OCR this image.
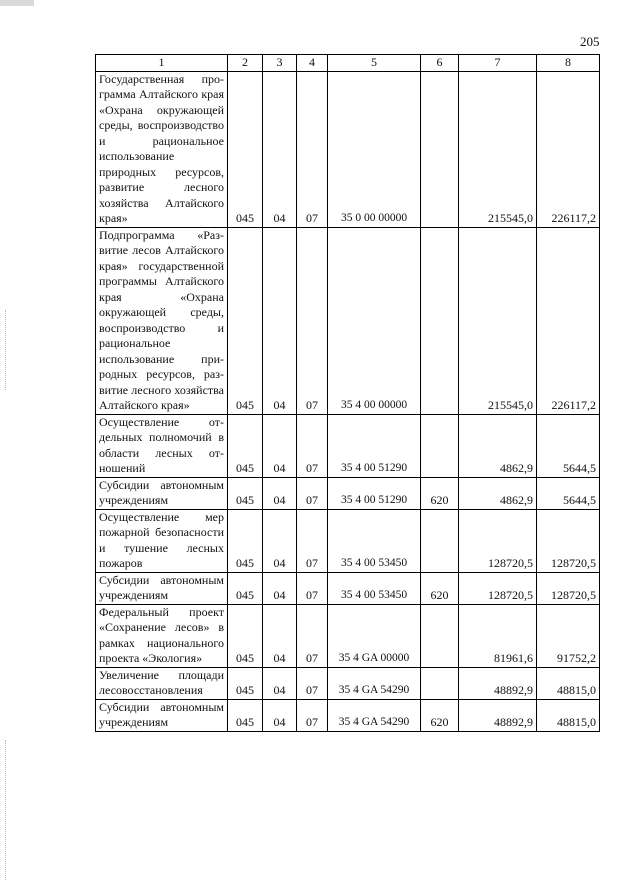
205
1	2	3	4	5	6	7	8
Государственная программа Алтайского края «Охрана окружающей среды, воспроизводство и рациональное использование природных ресурсов, развитие лесного хозяйства Алтайского края»	045	04	07	35 0 00 00000		215545,0	226117,2
Подпрограмма «Развитие лесов Алтайского края» государственной программы Алтайского края «Охрана окружающей среды, воспроизводство и рациональное использование природных ресурсов, развитие лесного хозяйства Алтайского края»	045	04	07	35 4 00 00000		215545,0	226117,2
Осуществление отдельных полномочий в области лесных отношений	045	04	07	35 4 00 51290		4862,9	5644,5
Субсидии автономным учреждениям	045	04	07	35 4 00 51290	620	4862,9	5644,5
Осуществление мер пожарной безопасности и тушение лесных пожаров	045	04	07	35 4 00 53450		128720,5	128720,5
Субсидии автономным учреждениям	045	04	07	35 4 00 53450	620	128720,5	128720,5
Федеральный проект «Сохранение лесов» в рамках национального проекта «Экология»	045	04	07	35 4 GA 00000		81961,6	91752,2
Увеличение площади лесовосстановления	045	04	07	35 4 GA 54290		48892,9	48815,0
Субсидии автономным учреждениям	045	04	07	35 4 GA 54290	620	48892,9	48815,0
